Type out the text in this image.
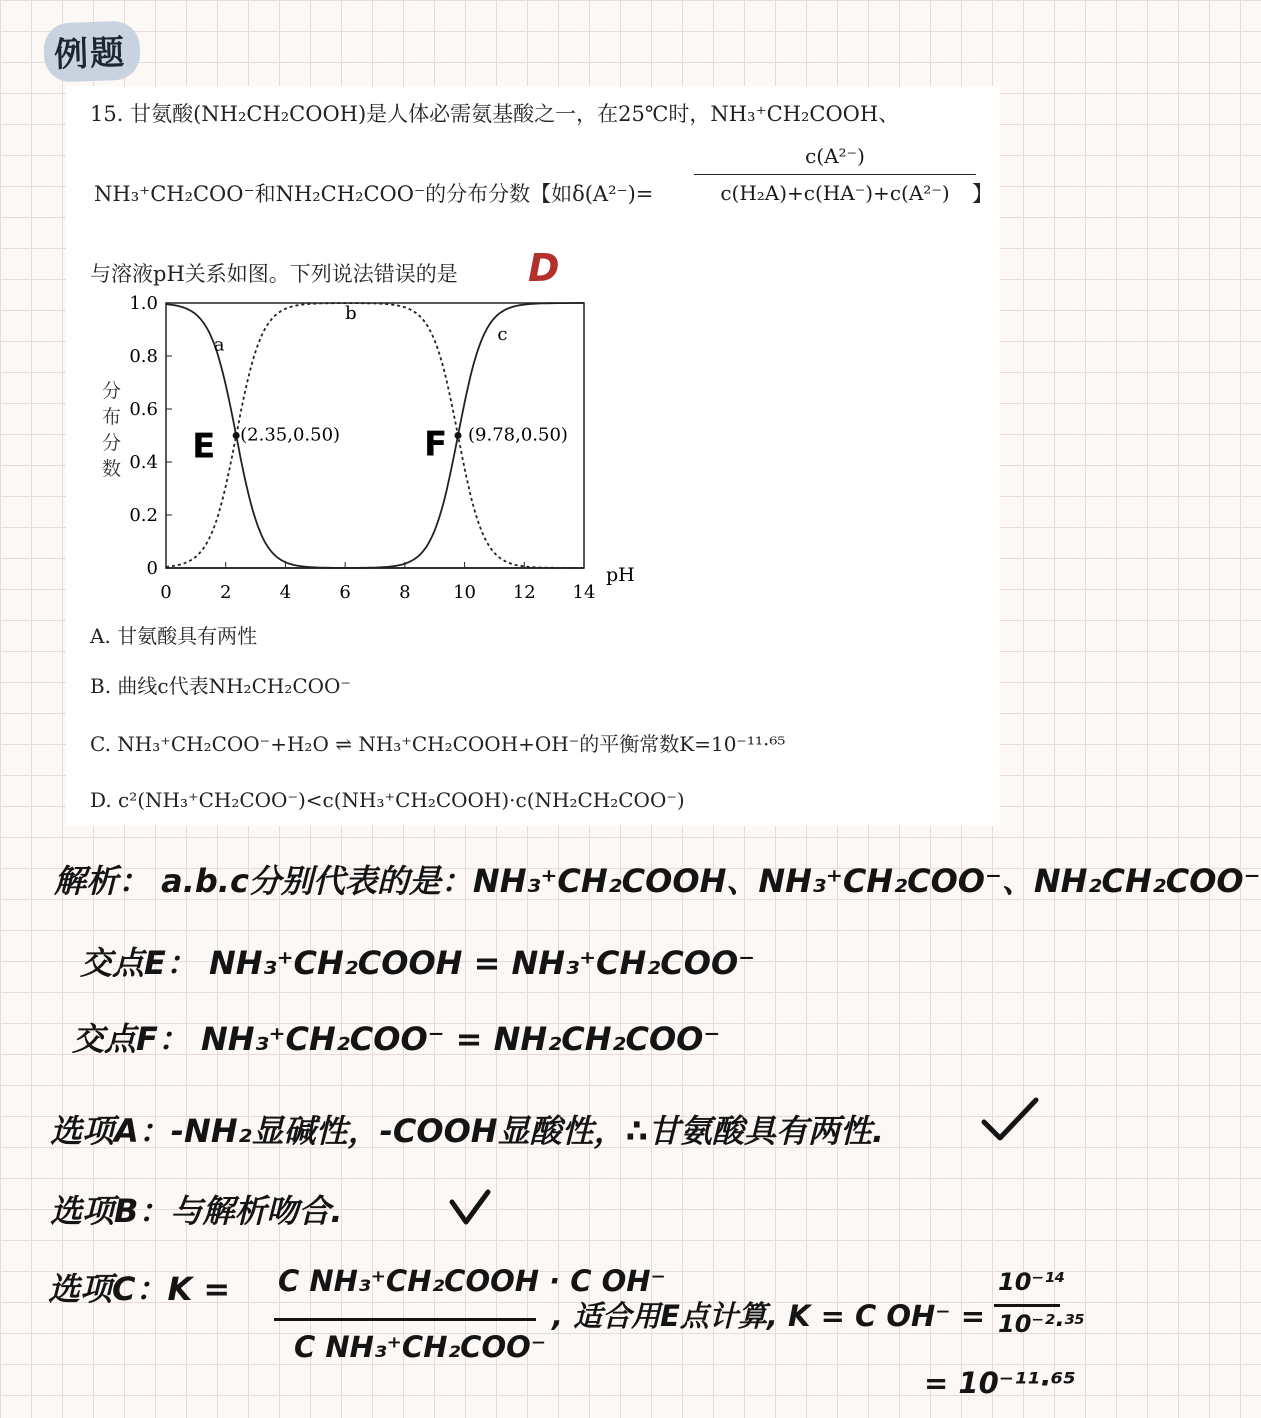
例题
15. 甘氨酸(NH₂CH₂COOH)是人体必需氨基酸之一，在25℃时，NH₃⁺CH₂COOH、
NH₃⁺CH₂COO⁻和NH₂CH₂COO⁻的分布分数【如$\delta(A^{2-})= \frac{\text{c(A²⁻)}}{\text{c(H₂A)+c(HA⁻)+c(A²⁻)}}$
】
与溶液pH关系如图。下列说法错误的是 D
0
0.2
0.4
0.6
0.8
1.0
0	2	4	6	8 10 12 14
a
b
c
(2.35,0.50)	(9.78,0.50)
E	F
pH
分布分数
A. 甘氨酸具有两性
B. 曲线c代表NH₂CH₂COO⁻
C. NH₃⁺CH₂COO⁻+H₂O ⇌ NH₃⁺CH₂COOH+OH⁻的平衡常数K=10⁻¹¹·⁶⁵
D. c²(NH₃⁺CH₂COO⁻)<c(NH₃⁺CH₂COOH)·c(NH₂CH₂COO⁻)
解析： a.b.c分别代表的是：NH₃⁺CH₂COOH、NH₃⁺CH₂COO⁻、NH₂CH₂COO⁻
交点E： NH₃⁺CH₂COOH = NH₃⁺CH₂COO⁻
交点F： NH₃⁺CH₂COO⁻ = NH₂CH₂COO⁻
选项A：-NH₂显碱性，-COOH显酸性，∴甘氨酸具有两性.
选项B：与解析吻合.
选项C：K = C NH₃⁺CH₂COOH · C OH⁻
C NH₃⁺CH₂COO⁻
, 适合用E点计算, K = C OH⁻ =
10⁻¹⁴
10⁻²·³⁵
= 10⁻¹¹·⁶⁵
